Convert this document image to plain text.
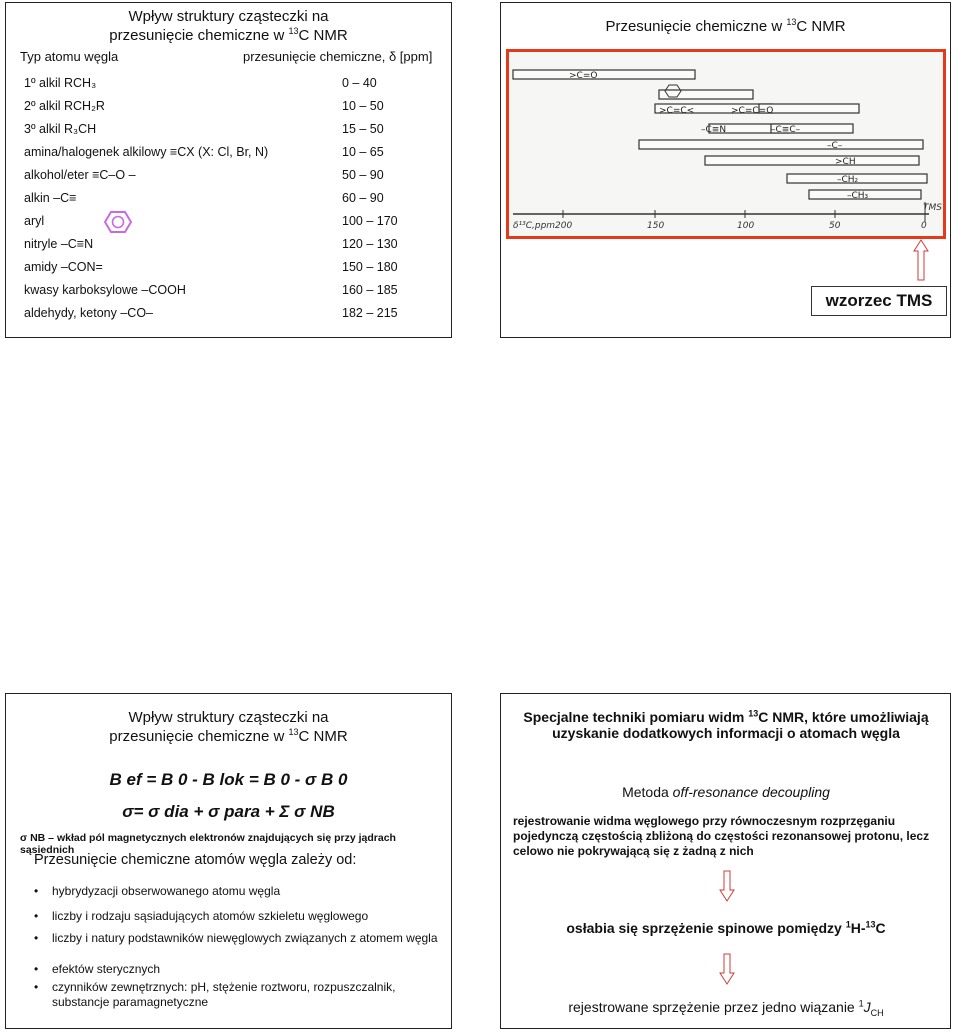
Wpływ struktury cząsteczki na
przesunięcie chemiczne w $^{13}$C NMR
Typ atomu węgla	przesunięcie chemiczne, δ [ppm]
1º alkil RCH₃	0 – 40
2º alkil RCH₂R	10 – 50
3º alkil R₃CH	15 – 50
amina/halogenek alkilowy ≡CX (X: Cl, Br, N)	10 – 65
alkohol/eter ≡C–O –	50 – 90
alkin –C≡	60 – 90
aryl	100 – 170
nitryle –C≡N	120 – 130
amidy –CON=	150 – 180
kwasy karboksylowe –COOH	160 – 185
aldehydy, ketony –CO–	182 – 215
Przesunięcie chemiczne w $^{13}$C NMR
>C=O
>C=C=O
>C=C<
–C≡N	–C≡C–
–C–
>CH
–CH₂
–CH₃
δ¹³C,ppm 200	150	100	50	0
TMS
wzorzec TMS
Wpływ struktury cząsteczki na
przesunięcie chemiczne w $^{13}$C NMR
B ef = B 0 - B lok = B 0 - σ B 0
σ= σ dia + σ para + Σ σ NB
σ NB – wkład pól magnetycznych elektronów znajdujących się przy jądrach sąsiednich
Przesunięcie chemiczne atomów węgla zależy od:
•	hybrydyzacji obserwowanego atomu węgla
•	liczby i rodzaju sąsiadujących atomów szkieletu węglowego
•	liczby i natury podstawników niewęglowych związanych z atomem węgla
•	efektów sterycznych
•	czynników zewnętrznych: pH, stężenie roztworu, rozpuszczalnik, substancje paramagnetyczne
Specjalne techniki pomiaru widm $^{13}$C NMR, które umożliwiają uzyskanie dodatkowych informacji o atomach węgla
Metoda off-resonance decoupling
rejestrowanie widma węglowego przy równoczesnym rozprzęganiu pojedynczą częstością zbliżoną do częstości rezonansowej protonu, lecz celowo nie pokrywającą się z żadną z nich
osłabia się sprzężenie spinowe pomiędzy $^1$H-$^{13}$C
rejestrowane sprzężenie przez jedno wiązanie $^1J_{CH}$
